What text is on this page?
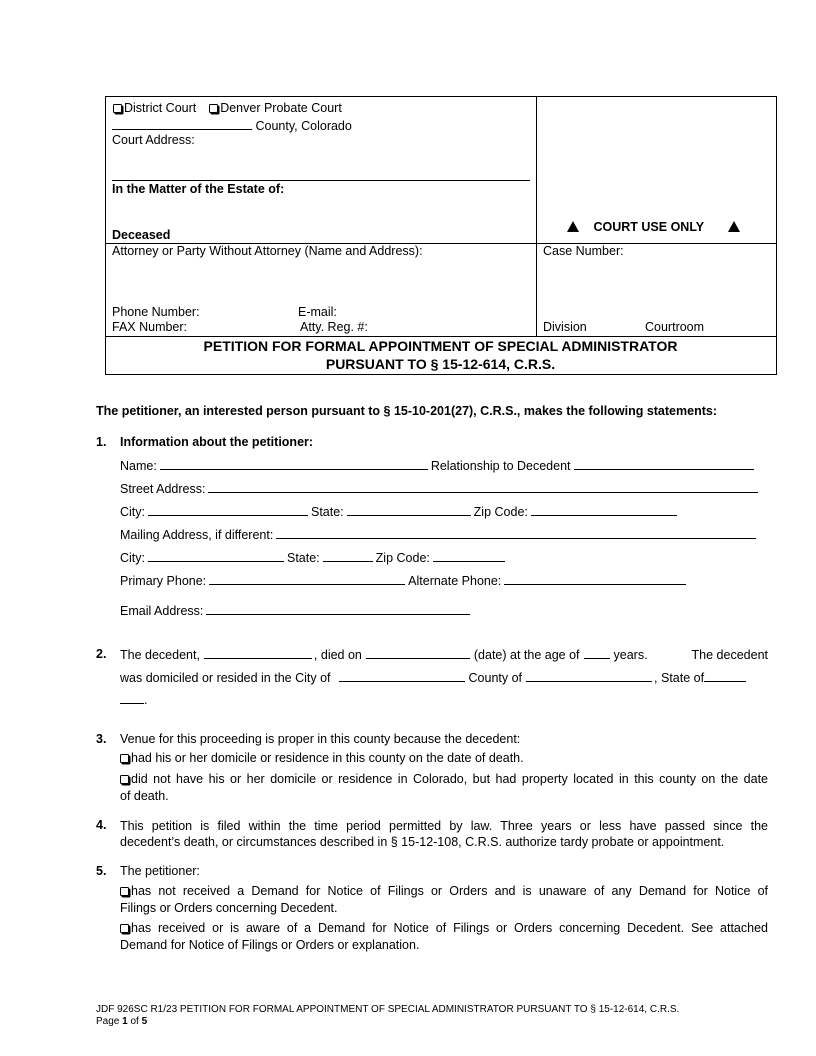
District Court Denver Probate Court
County, Colorado
Court Address:
In the Matter of the Estate of:
Deceased
COURT USE ONLY
Attorney or Party Without Attorney (Name and Address):
Phone Number:	E-mail:
FAX Number:	Atty. Reg. #:
Case Number:
Division	Courtroom
PETITION FOR FORMAL APPOINTMENT OF SPECIAL ADMINISTRATOR
PURSUANT TO § 15-12-614, C.R.S.
The petitioner, an interested person pursuant to § 15-10-201(27), C.R.S., makes the following statements:
1. Information about the petitioner:
Name:	Relationship to Decedent
Street Address:
City:	State:	Zip Code:
Mailing Address, if different:
City:	State:	Zip Code:
Primary Phone:	Alternate Phone:
Email Address:
2. The decedent,	, died on	(date) at the age of	years.	The decedent
was domiciled or resided in the City of	County of	, State of
.
3. Venue for this proceeding is proper in this county because the decedent:
had his or her domicile or residence in this county on the date of death.
did not have his or her domicile or residence in Colorado, but had property located in this county on the date
of death.
4. This petition is filed within the time period permitted by law. Three years or less have passed since the
decedent’s death, or circumstances described in § 15-12-108, C.R.S. authorize tardy probate or appointment.
5. The petitioner:
has not received a Demand for Notice of Filings or Orders and is unaware of any Demand for Notice of
Filings or Orders concerning Decedent.
has received or is aware of a Demand for Notice of Filings or Orders concerning Decedent. See attached
Demand for Notice of Filings or Orders or explanation.
JDF 926SC R1/23 PETITION FOR FORMAL APPOINTMENT OF SPECIAL ADMINISTRATOR PURSUANT TO § 15-12-614, C.R.S.
Page 1 of 5
